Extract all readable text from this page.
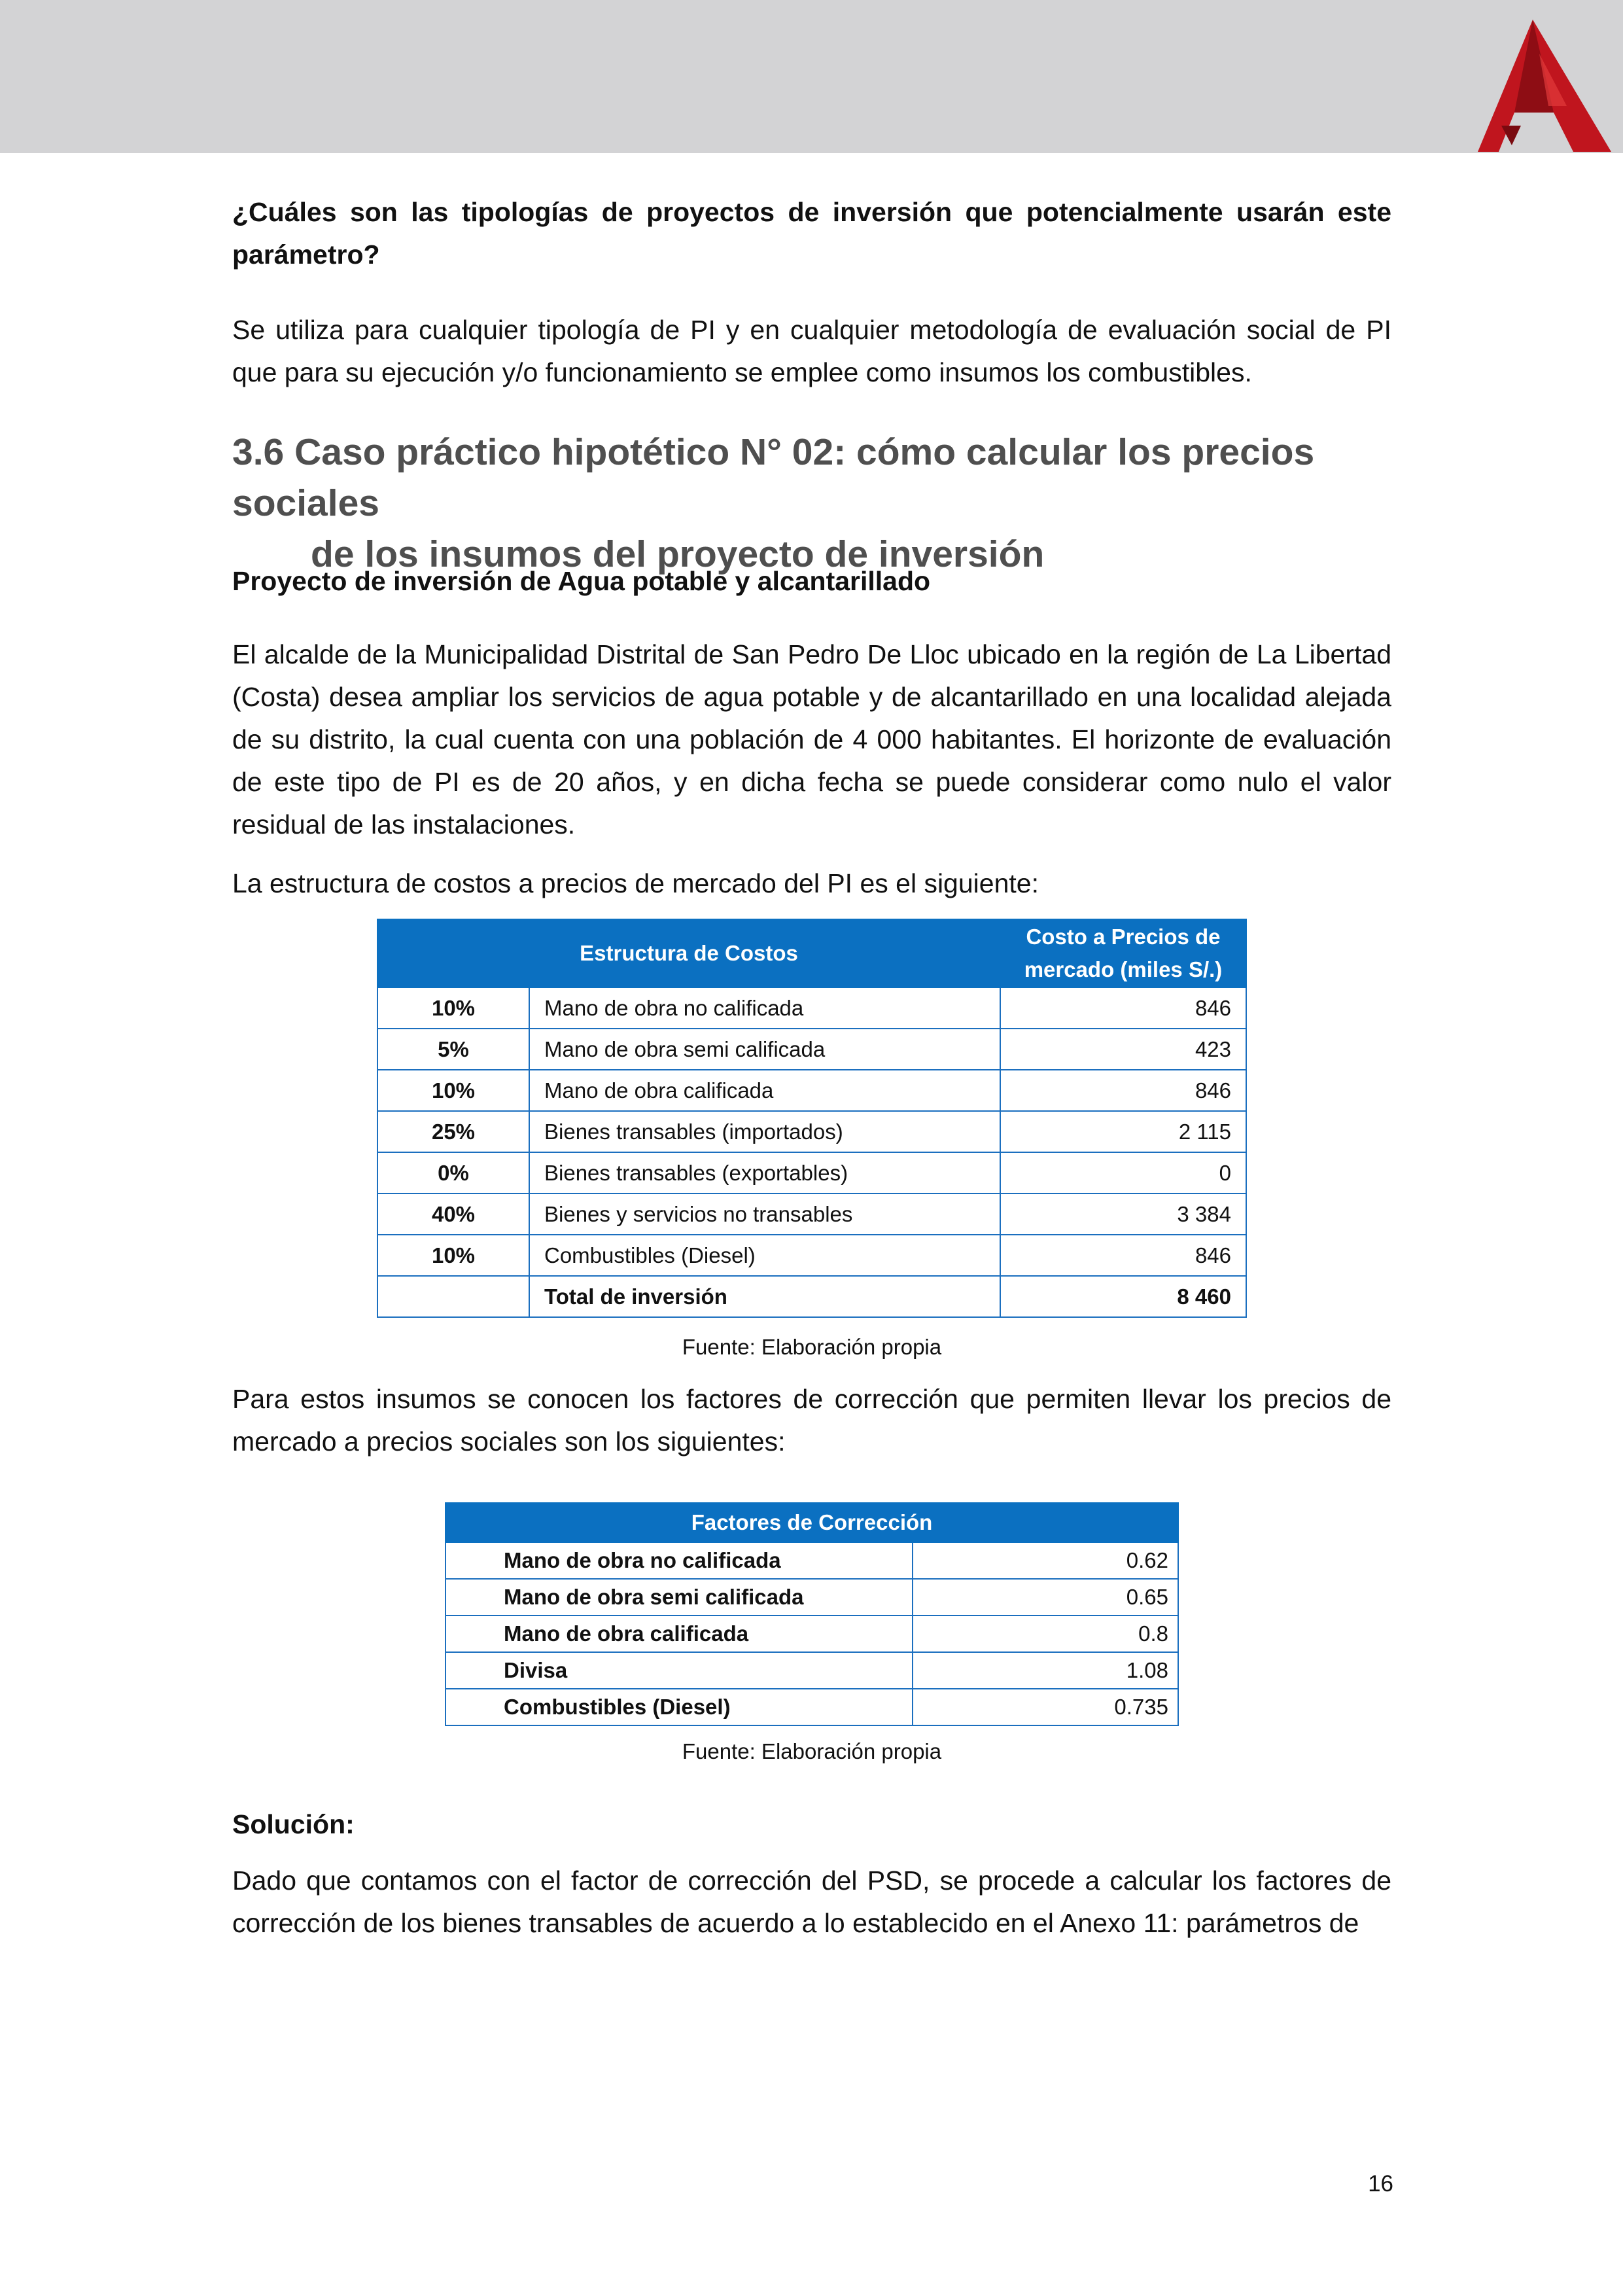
¿Cuáles son las tipologías de proyectos de inversión que potencialmente usarán este parámetro?

Se utiliza para cualquier tipología de PI y en cualquier metodología de evaluación social de PI que para su ejecución y/o funcionamiento se emplee como insumos los combustibles.

3.6 Caso práctico hipotético N° 02: cómo calcular los precios sociales
de los insumos del proyecto de inversión

Proyecto de inversión de Agua potable y alcantarillado

El alcalde de la Municipalidad Distrital de San Pedro De Lloc ubicado en la región de La Libertad (Costa) desea ampliar los servicios de agua potable y de alcantarillado en una localidad alejada de su distrito, la cual cuenta con una población de 4 000 habitantes. El horizonte de evaluación de este tipo de PI es de 20 años, y en dicha fecha se puede considerar como nulo el valor residual de las instalaciones.

La estructura de costos a precios de mercado del PI es el siguiente:

Estructura de Costos		Costo a Precios de
mercado (miles S/.)
10%	Mano de obra no calificada	846
5%	Mano de obra semi calificada	423
10%	Mano de obra calificada	846
25%	Bienes transables (importados)	2 115
0%	Bienes transables (exportables)	0
40%	Bienes y servicios no transables	3 384
10%	Combustibles (Diesel)	846
	Total de inversión	8 460
Fuente: Elaboración propia

Para estos insumos se conocen los factores de corrección que permiten llevar los precios de mercado a precios sociales son los siguientes:

Factores de Corrección	
Mano de obra no calificada	0.62
Mano de obra semi calificada	0.65
Mano de obra calificada	0.8
Divisa	1.08
Combustibles (Diesel)	0.735
Fuente: Elaboración propia

Solución:

Dado que contamos con el factor de corrección del PSD, se procede a calcular los factores de corrección de los bienes transables de acuerdo a lo establecido en el Anexo 11: parámetros de

16
